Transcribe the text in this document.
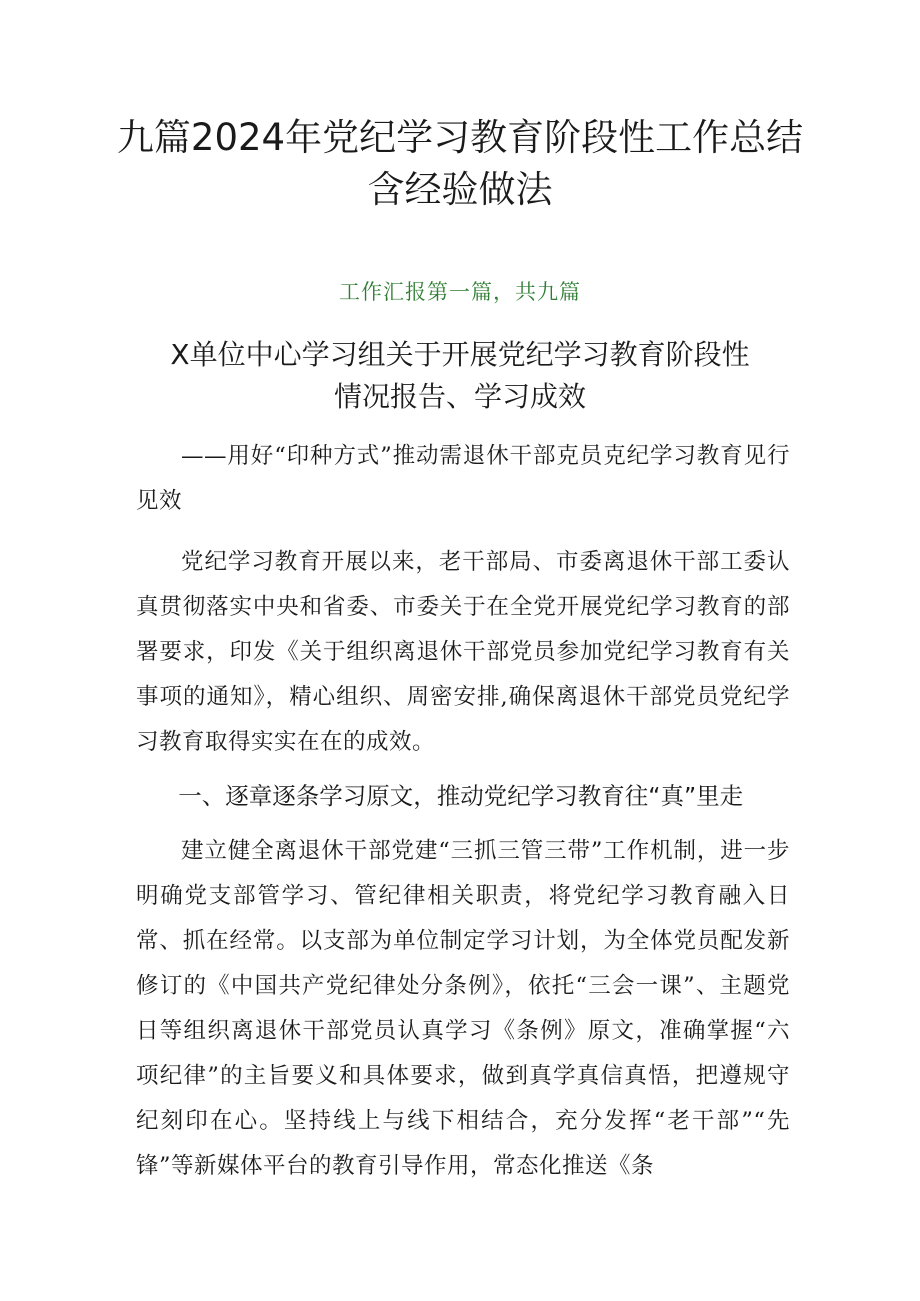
九篇2024年党纪学习教育阶段性工作总结含经验做法
工作汇报第一篇，共九篇
X单位中心学习组关于开展党纪学习教育阶段性
情况报告、学习成效

——用好“印种方式”推动需退休干部克员克纪学习教育见行见效

党纪学习教育开展以来，老干部局、市委离退休干部工委认真贯彻落实中央和省委、市委关于在全党开展党纪学习教育的部署要求，印发《关于组织离退休干部党员参加党纪学习教育有关事项的通知》，精心组织、周密安排,确保离退休干部党员党纪学习教育取得实实在在的成效。

一、逐章逐条学习原文，推动党纪学习教育往“真”里走

建立健全离退休干部党建“三抓三管三带”工作机制，进一步明确党支部管学习、管纪律相关职责，将党纪学习教育融入日常、抓在经常。以支部为单位制定学习计划，为全体党员配发新修订的《中国共产党纪律处分条例》，依托“三会一课”、主题党日等组织离退休干部党员认真学习《条例》原文，准确掌握“六项纪律”的主旨要义和具体要求，做到真学真信真悟，把遵规守纪刻印在心。坚持线上与线下相结合，充分发挥“老干部”“先锋”等新媒体平台的教育引导作用，常态化推送《条
